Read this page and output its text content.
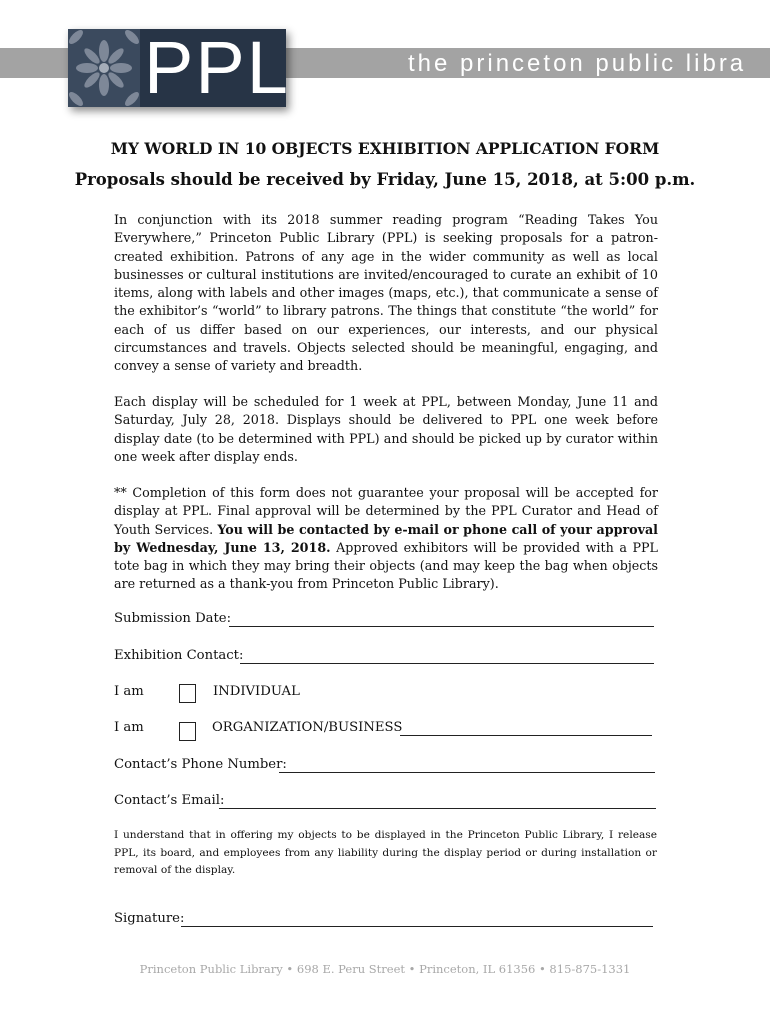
the princeton public libra
PPL
MY WORLD IN 10 OBJECTS EXHIBITION APPLICATION FORM
Proposals should be received by Friday, June 15, 2018, at 5:00 p.m.

In conjunction with its 2018 summer reading program “Reading Takes You Everywhere,” Princeton Public Library (PPL) is seeking proposals for a patron-created exhibition. Patrons of any age in the wider community as well as local businesses or cultural institutions are invited/encouraged to curate an exhibit of 10 items, along with labels and other images (maps, etc.), that communicate a sense of the exhibitor’s “world” to library patrons. The things that constitute “the world” for each of us differ based on our experiences, our interests, and our physical circumstances and travels. Objects selected should be meaningful, engaging, and convey a sense of variety and breadth.

Each display will be scheduled for 1 week at PPL, between Monday, June 11 and Saturday, July 28, 2018. Displays should be delivered to PPL one week before display date (to be determined with PPL) and should be picked up by curator within one week after display ends.

** Completion of this form does not guarantee your proposal will be accepted for display at PPL. Final approval will be determined by the PPL Curator and Head of Youth Services. You will be contacted by e-mail or phone call of your approval by Wednesday, June 13, 2018. Approved exhibitors will be provided with a PPL tote bag in which they may bring their objects (and may keep the bag when objects are returned as a thank-you from Princeton Public Library).

Submission Date:
Exhibition Contact:
I am	INDIVIDUAL
I am	ORGANIZATION/BUSINESS
Contact’s Phone Number:
Contact’s Email:

I understand that in offering my objects to be displayed in the Princeton Public Library, I release PPL, its board, and employees from any liability during the display period or during installation or removal of the display.

Signature:
Princeton Public Library • 698 E. Peru Street • Princeton, IL 61356 • 815-875-1331
